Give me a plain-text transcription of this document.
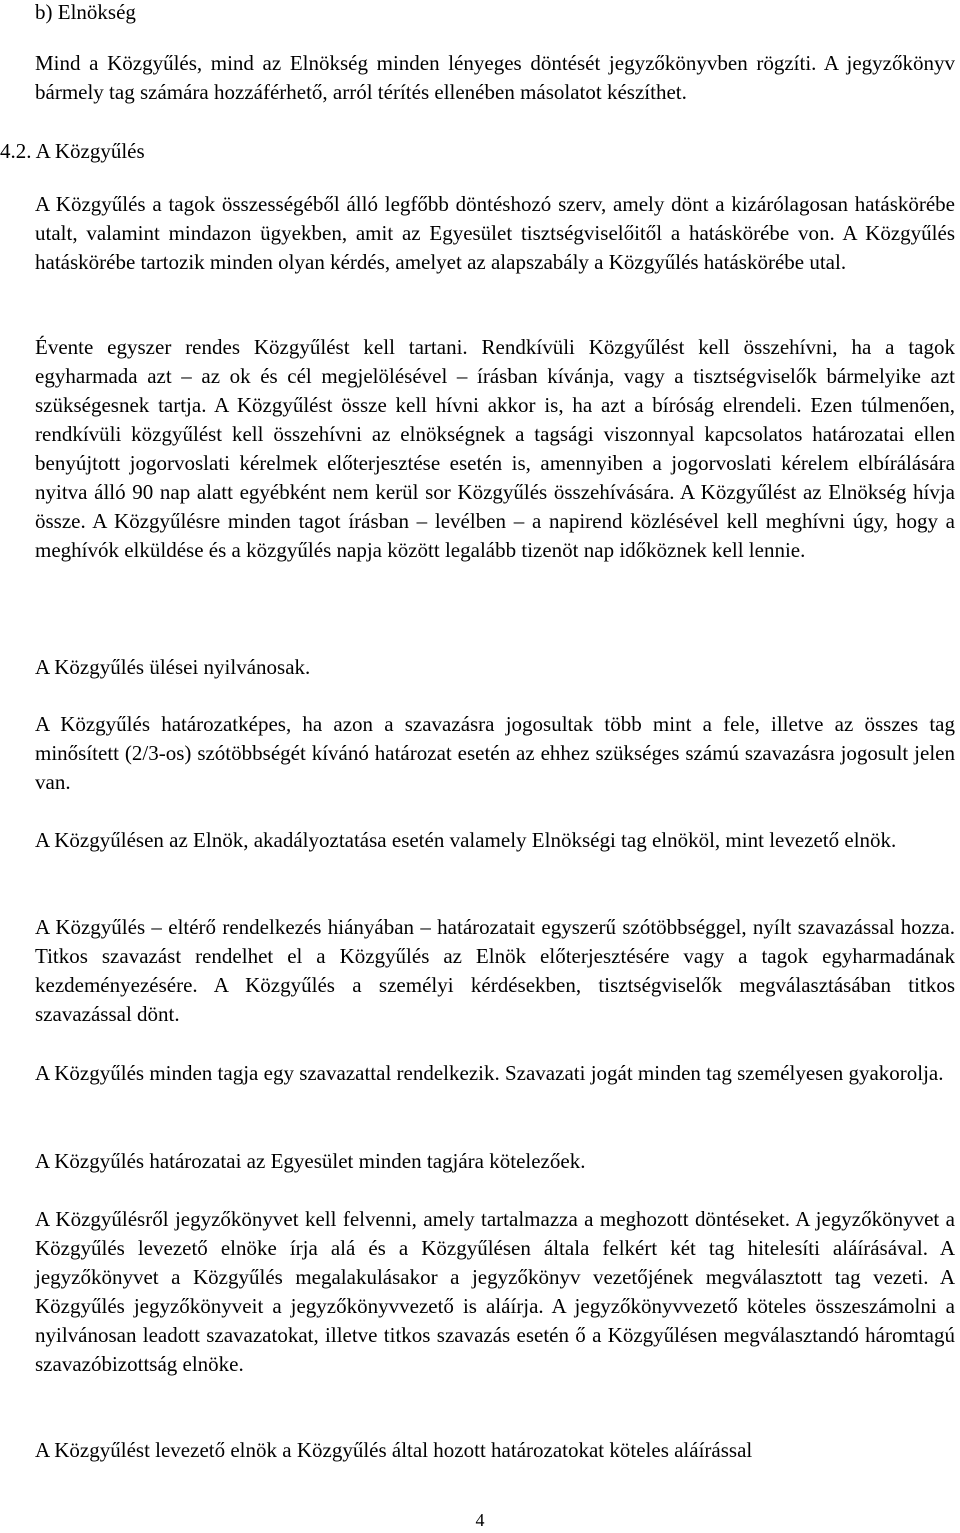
b) Elnökség

Mind a Közgyűlés, mind az Elnökség minden lényeges döntését jegyzőkönyvben rögzíti. A jegyzőkönyv bármely tag számára hozzáférhető, arról térítés ellenében másolatot készíthet.

4.2. A Közgyűlés

A Közgyűlés a tagok összességéből álló legfőbb döntéshozó szerv, amely dönt a kizárólagosan hatáskörébe utalt, valamint mindazon ügyekben, amit az Egyesület tisztségviselőitől a hatáskörébe von. A Közgyűlés hatáskörébe tartozik minden olyan kérdés, amelyet az alapszabály a Közgyűlés hatáskörébe utal.

Évente egyszer rendes Közgyűlést kell tartani. Rendkívüli Közgyűlést kell összehívni, ha a tagok egyharmada azt – az ok és cél megjelölésével – írásban kívánja, vagy a tisztségviselők bármelyike azt szükségesnek tartja. A Közgyűlést össze kell hívni akkor is, ha azt a bíróság elrendeli. Ezen túlmenően, rendkívüli közgyűlést kell összehívni az elnökségnek a tagsági viszonnyal kapcsolatos határozatai ellen benyújtott jogorvoslati kérelmek előterjesztése esetén is, amennyiben a jogorvoslati kérelem elbírálására nyitva álló 90 nap alatt egyébként nem kerül sor Közgyűlés összehívására. A Közgyűlést az Elnökség hívja össze. A Közgyűlésre minden tagot írásban – levélben – a napirend közlésével kell meghívni úgy, hogy a meghívók elküldése és a közgyűlés napja között legalább tizenöt nap időköznek kell lennie.

A Közgyűlés ülései nyilvánosak.

A Közgyűlés határozatképes, ha azon a szavazásra jogosultak több mint a fele, illetve az összes tag minősített (2/3-os) szótöbbségét kívánó határozat esetén az ehhez szükséges számú szavazásra jogosult jelen van.

A Közgyűlésen az Elnök, akadályoztatása esetén valamely Elnökségi tag elnököl, mint levezető elnök.

A Közgyűlés – eltérő rendelkezés hiányában – határozatait egyszerű szótöbbséggel, nyílt szavazással hozza. Titkos szavazást rendelhet el a Közgyűlés az Elnök előterjesztésére vagy a tagok egyharmadának kezdeményezésére. A Közgyűlés a személyi kérdésekben, tisztségviselők megválasztásában titkos szavazással dönt.

A Közgyűlés minden tagja egy szavazattal rendelkezik. Szavazati jogát minden tag személyesen gyakorolja.

A Közgyűlés határozatai az Egyesület minden tagjára kötelezőek.

A Közgyűlésről jegyzőkönyvet kell felvenni, amely tartalmazza a meghozott döntéseket. A jegyzőkönyvet a Közgyűlés levezető elnöke írja alá és a Közgyűlésen általa felkért két tag hitelesíti aláírásával. A jegyzőkönyvet a Közgyűlés megalakulásakor a jegyzőkönyv vezetőjének megválasztott tag vezeti. A Közgyűlés jegyzőkönyveit a jegyzőkönyvvezető is aláírja. A jegyzőkönyvvezető köteles összeszámolni a nyilvánosan leadott szavazatokat, illetve titkos szavazás esetén ő a Közgyűlésen megválasztandó háromtagú szavazóbizottság elnöke.

A Közgyűlést levezető elnök a Közgyűlés által hozott határozatokat köteles aláírással

4
